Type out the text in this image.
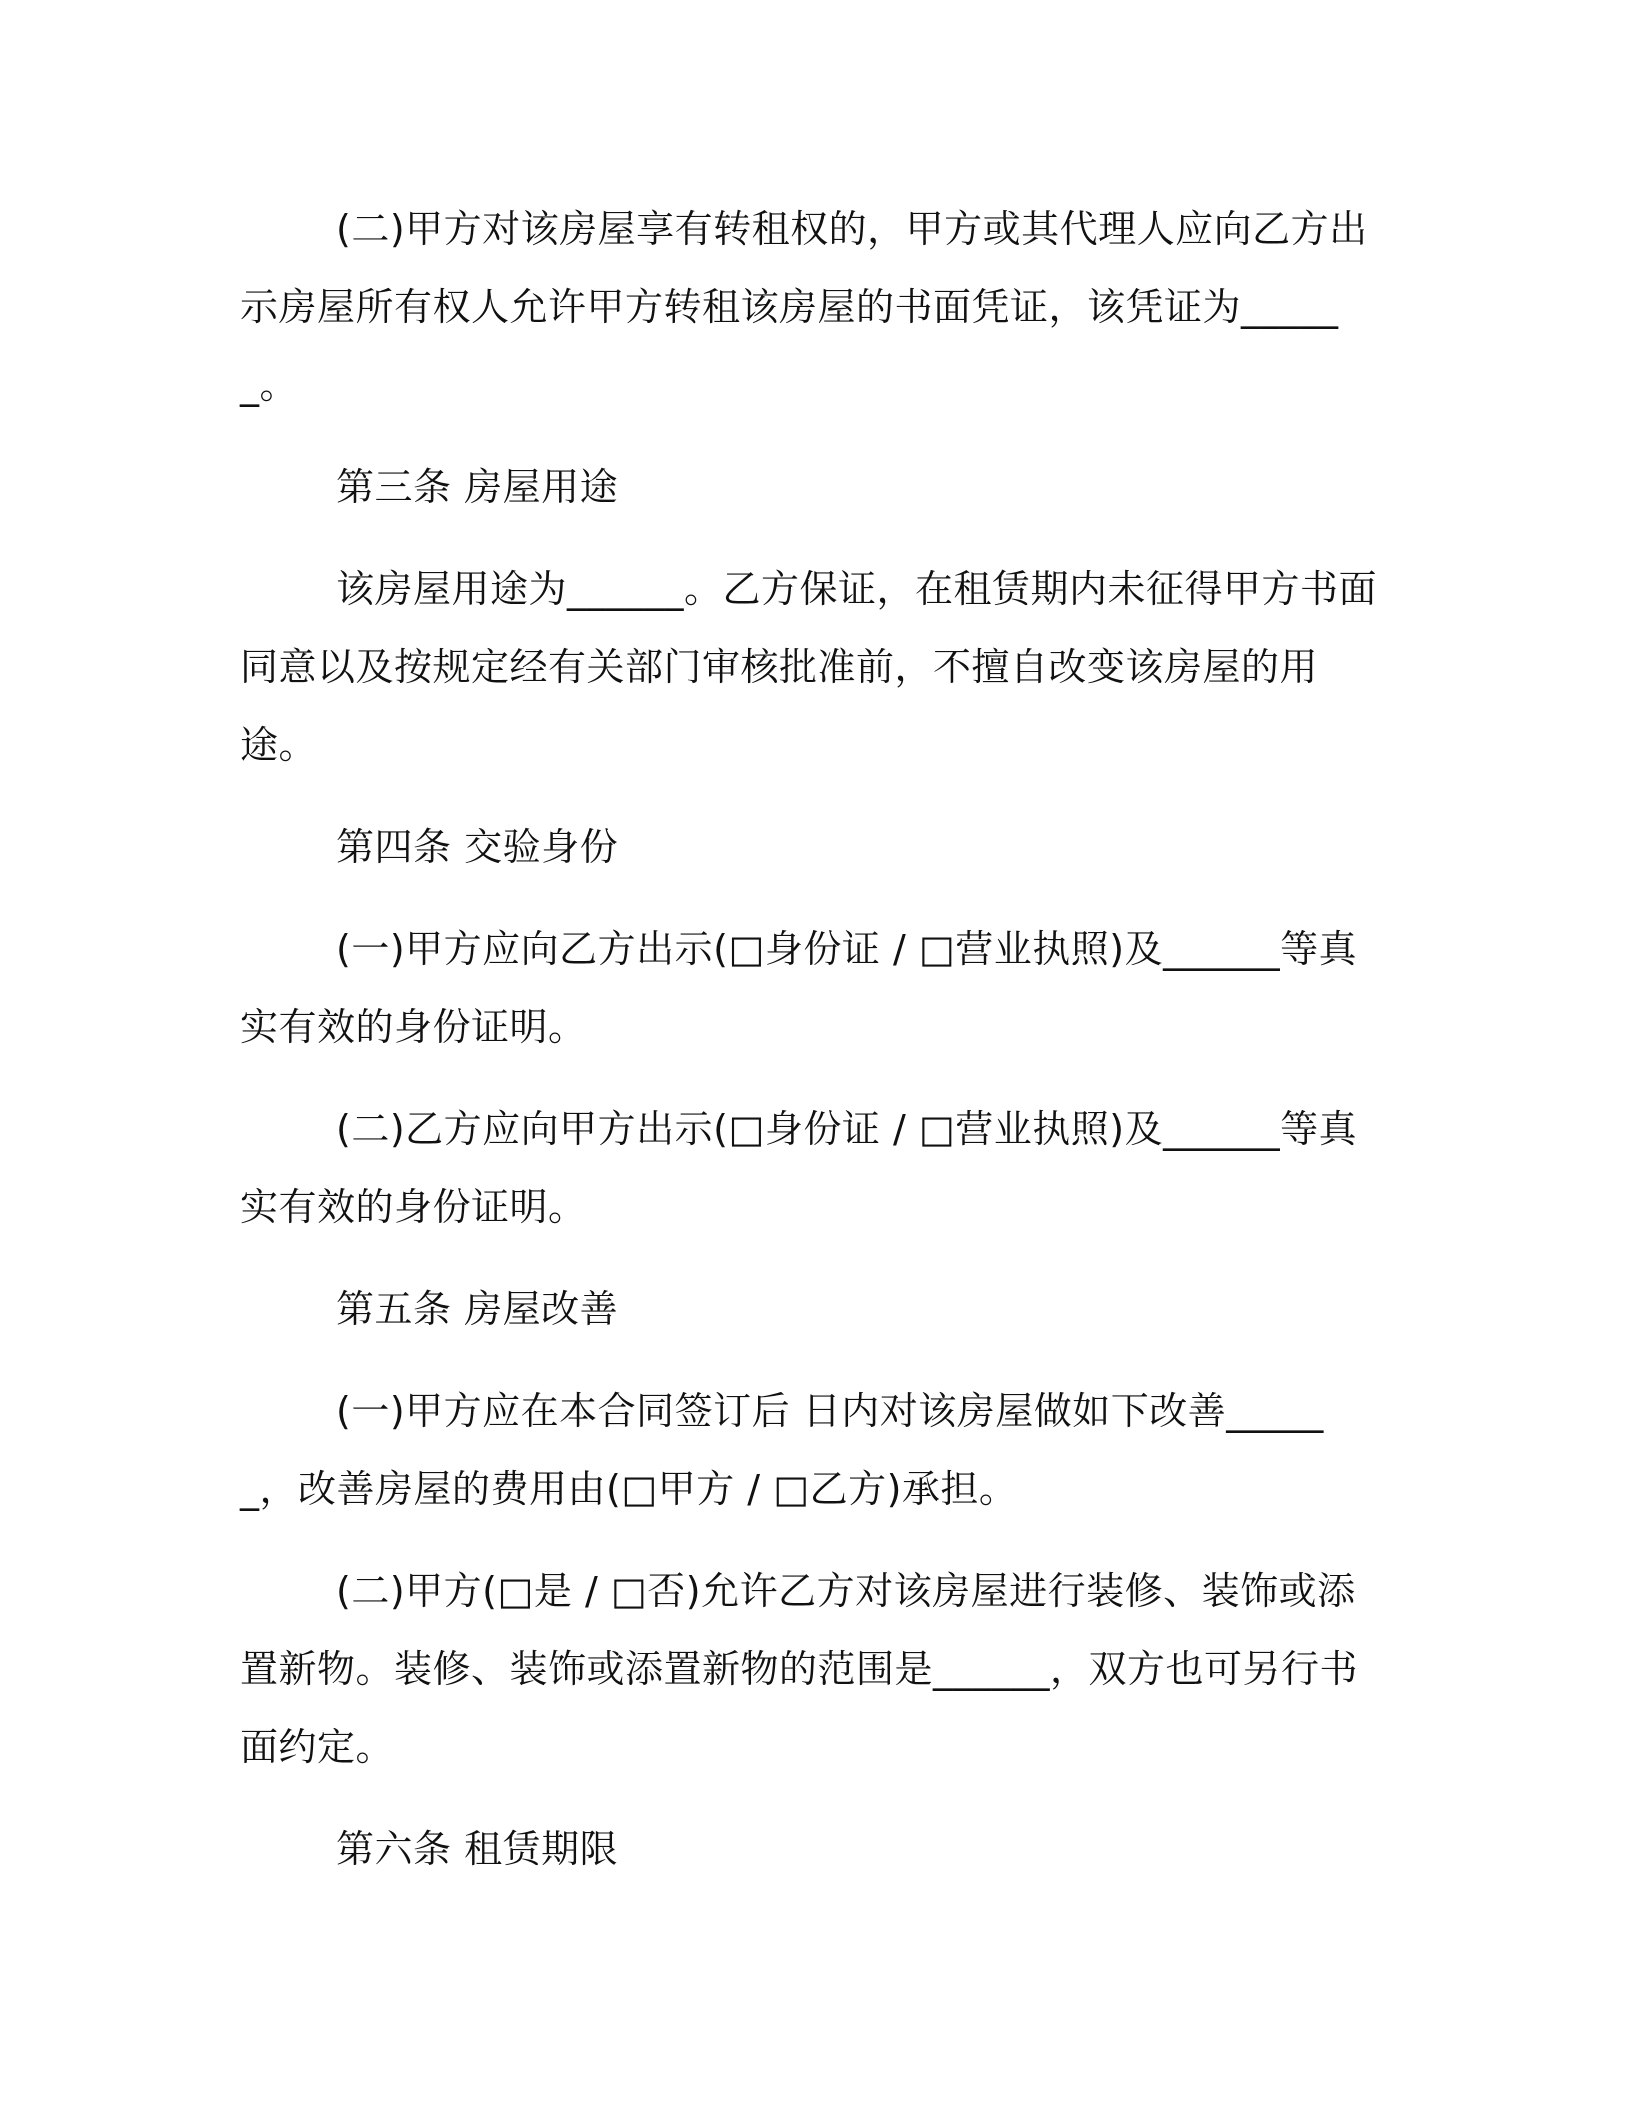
(二)甲方对该房屋享有转租权的，甲方或其代理人应向乙方出示房屋所有权人允许甲方转租该房屋的书面凭证，该凭证为______。

第三条 房屋用途

该房屋用途为______。乙方保证，在租赁期内未征得甲方书面同意以及按规定经有关部门审核批准前，不擅自改变该房屋的用途。

第四条 交验身份

(一)甲方应向乙方出示(□身份证 / □营业执照)及______等真实有效的身份证明。

(二)乙方应向甲方出示(□身份证 / □营业执照)及______等真实有效的身份证明。

第五条 房屋改善

(一)甲方应在本合同签订后 日内对该房屋做如下改善______，改善房屋的费用由(□甲方 / □乙方)承担。

(二)甲方(□是 / □否)允许乙方对该房屋进行装修、装饰或添置新物。装修、装饰或添置新物的范围是______，双方也可另行书面约定。

第六条 租赁期限
